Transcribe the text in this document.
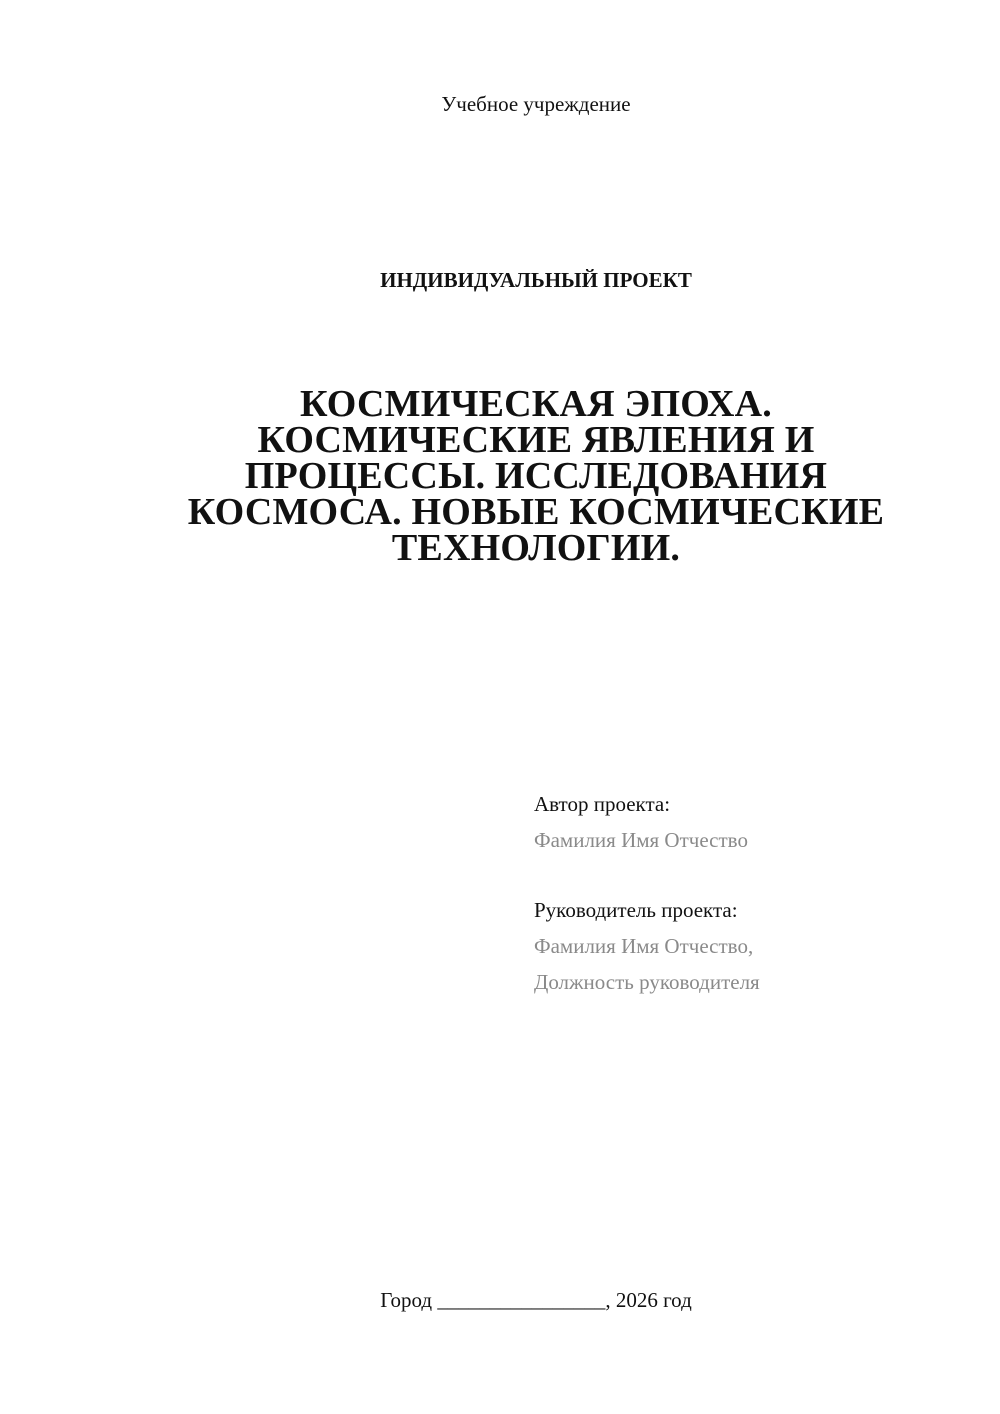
Учебное учреждение
ИНДИВИДУАЛЬНЫЙ ПРОЕКТ
КОСМИЧЕСКАЯ ЭПОХА.
КОСМИЧЕСКИЕ ЯВЛЕНИЯ И
ПРОЦЕССЫ. ИССЛЕДОВАНИЯ
КОСМОСА. НОВЫЕ КОСМИЧЕСКИЕ
ТЕХНОЛОГИИ.
Автор проекта:
Фамилия Имя Отчество
Руководитель проекта:
Фамилия Имя Отчество,
Должность руководителя
Город ________________, 2026 год
